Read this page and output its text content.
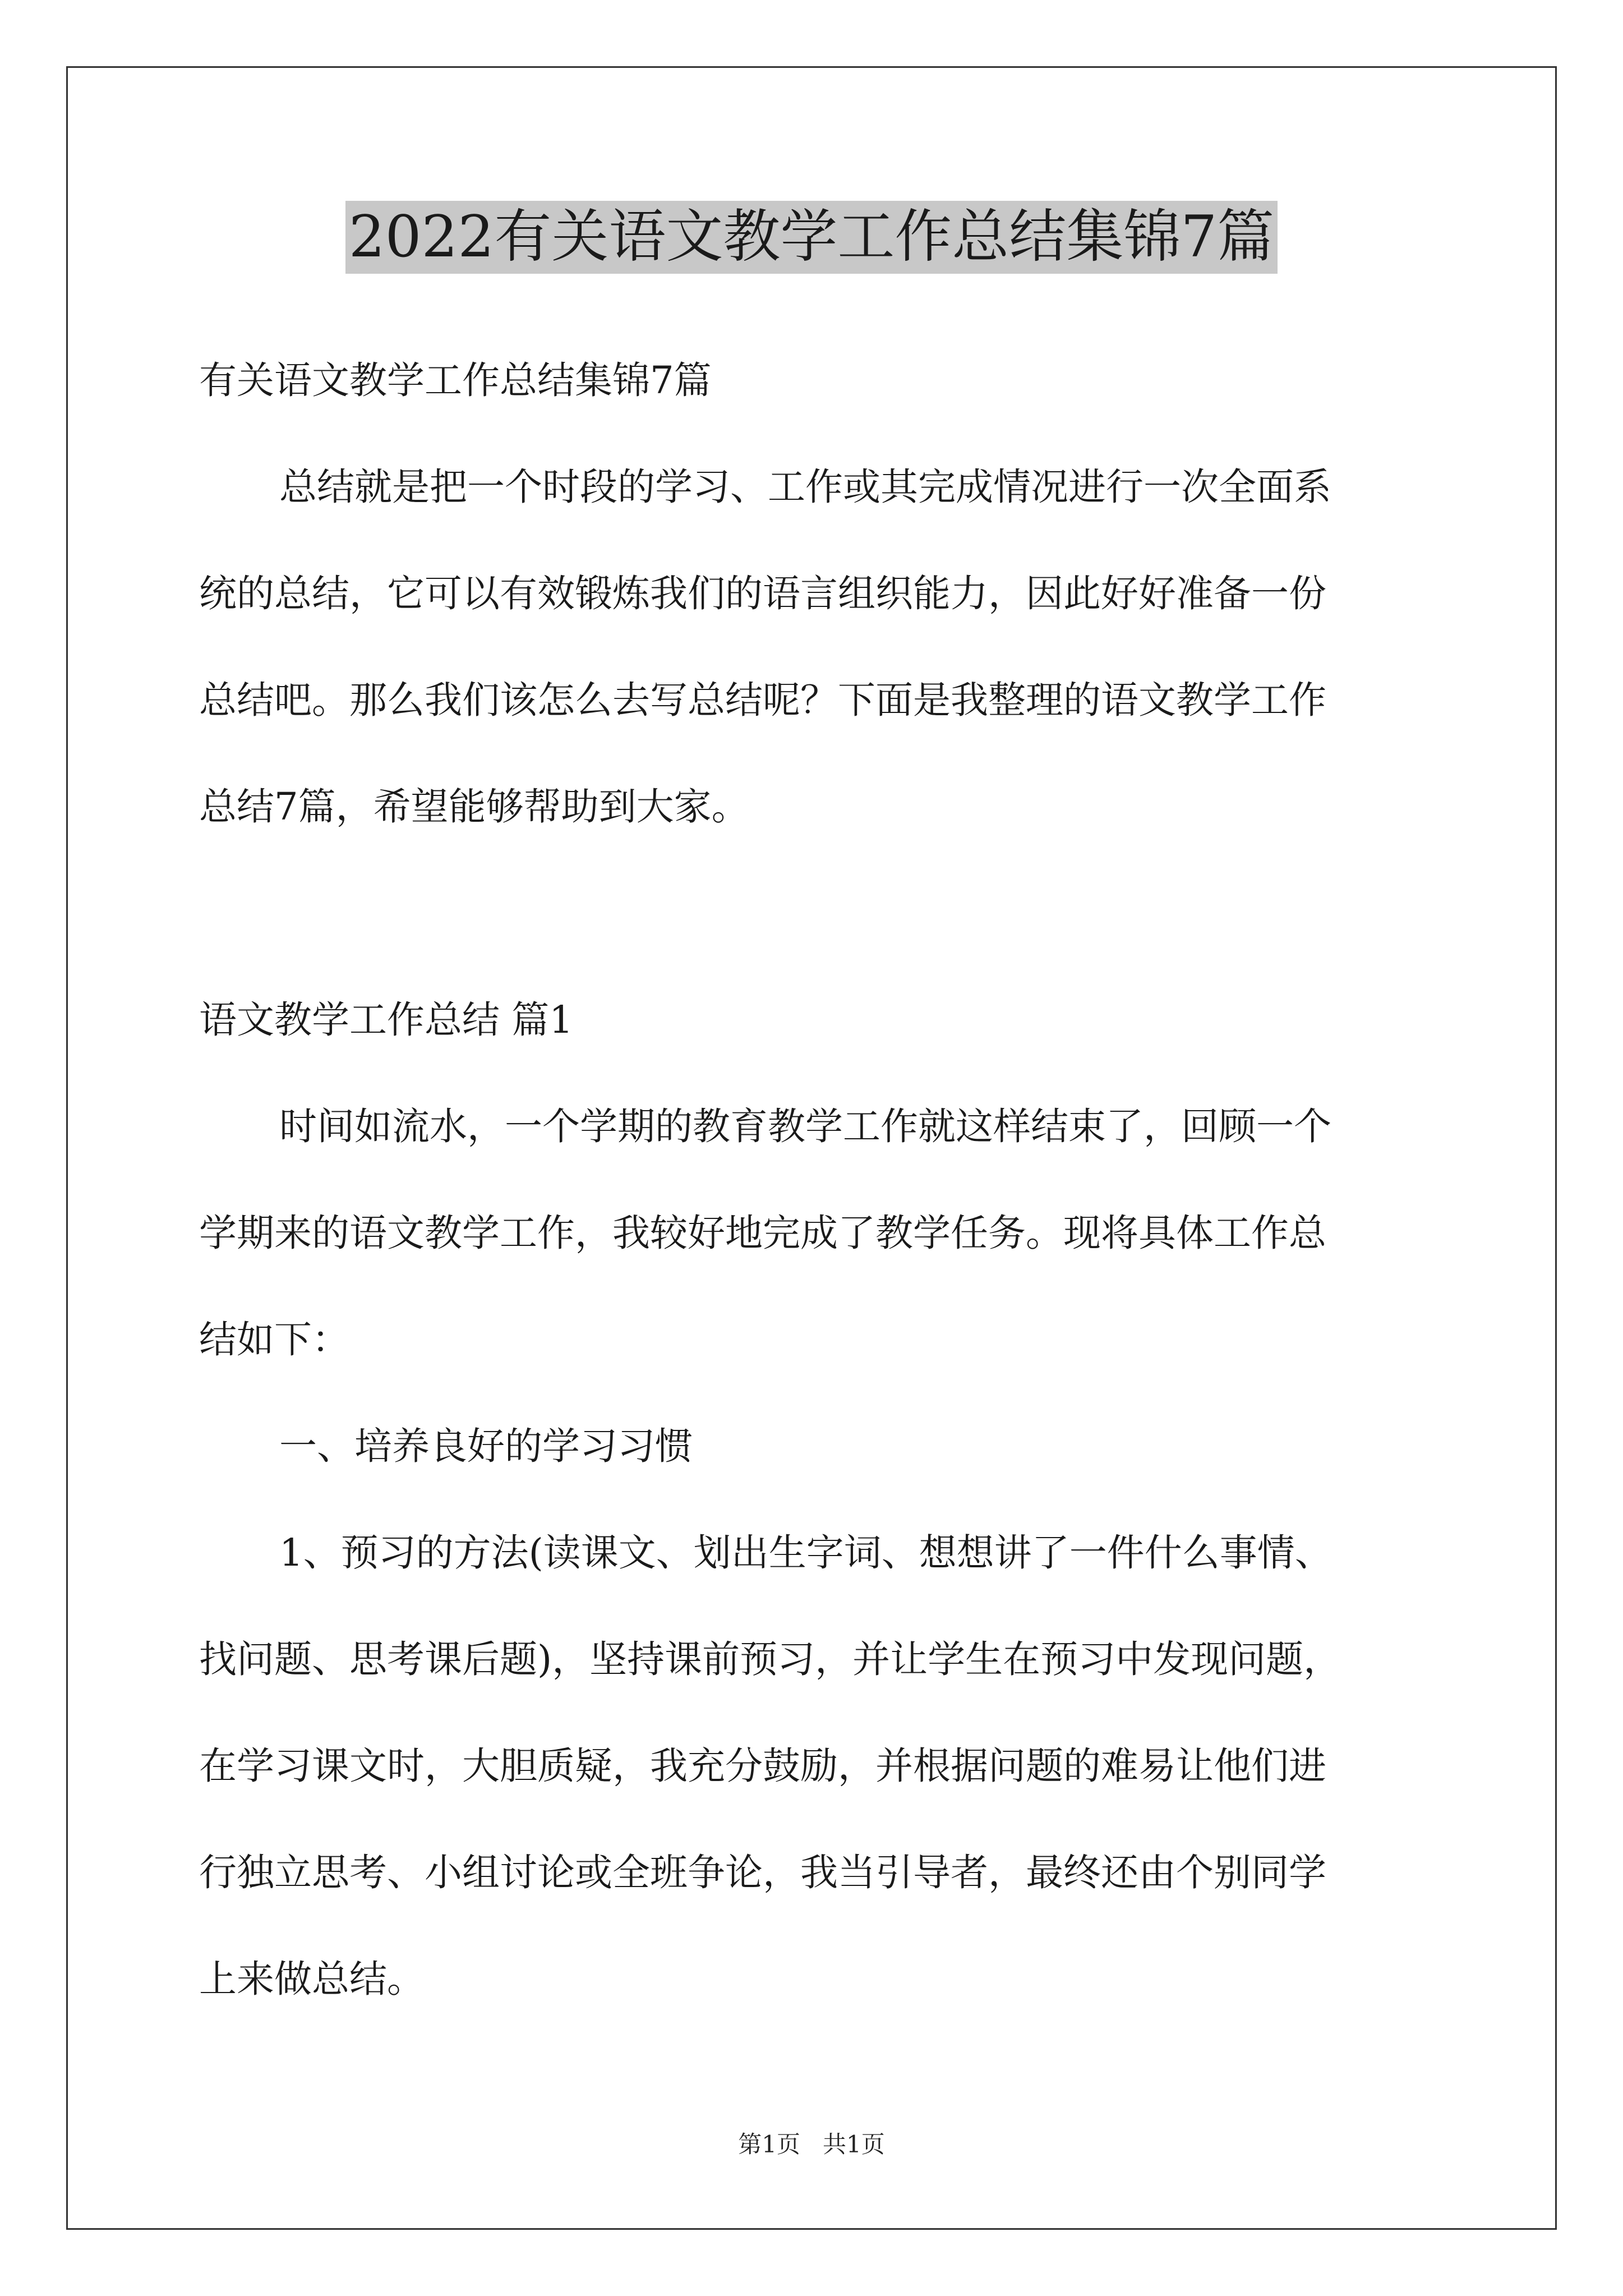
2022有关语文教学工作总结集锦7篇

有关语文教学工作总结集锦7篇

总结就是把一个时段的学习、工作或其完成情况进行一次全面系

统的总结，它可以有效锻炼我们的语言组织能力，因此好好准备一份

总结吧。那么我们该怎么去写总结呢？下面是我整理的语文教学工作

总结7篇，希望能够帮助到大家。

语文教学工作总结 篇1

时间如流水，一个学期的教育教学工作就这样结束了，回顾一个

学期来的语文教学工作，我较好地完成了教学任务。现将具体工作总

结如下：

一、培养良好的学习习惯

1、预习的方法(读课文、划出生字词、想想讲了一件什么事情、

找问题、思考课后题)，坚持课前预习，并让学生在预习中发现问题，

在学习课文时，大胆质疑，我充分鼓励，并根据问题的难易让他们进

行独立思考、小组讨论或全班争论，我当引导者，最终还由个别同学

上来做总结。

第1页   共1页
